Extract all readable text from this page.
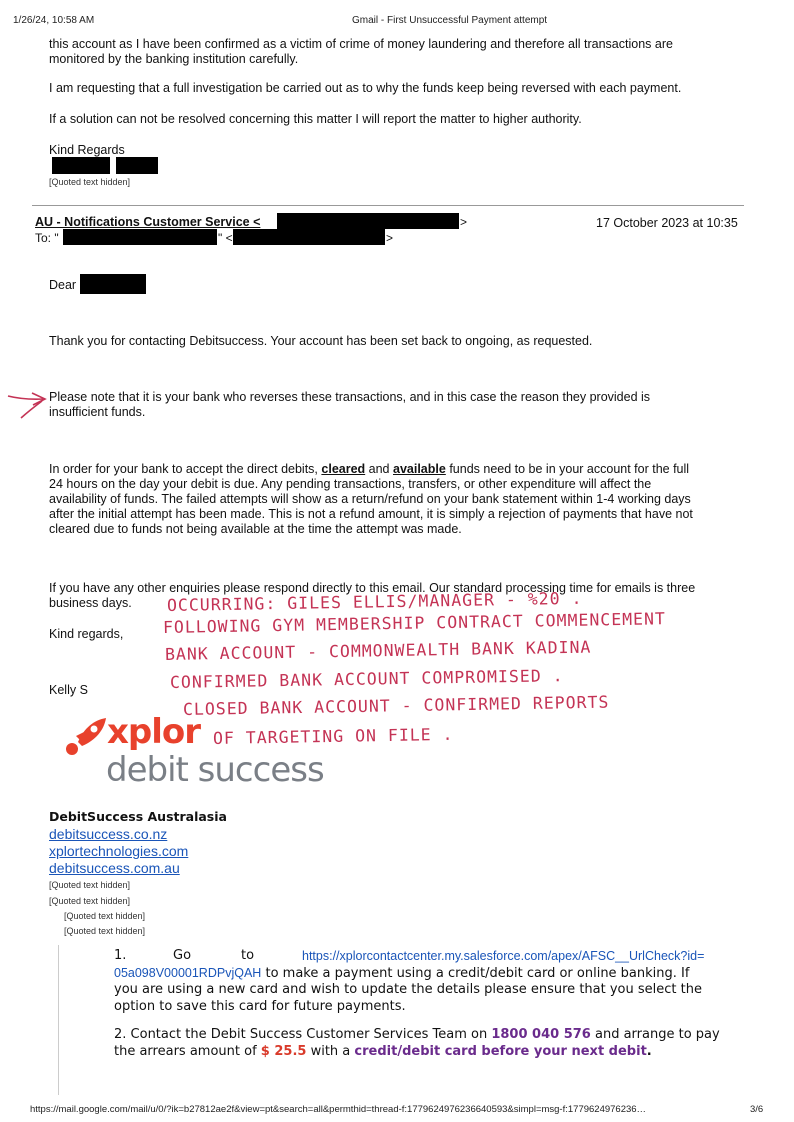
1/26/24, 10:58 AM	Gmail - First Unsuccessful Payment attempt
this account as I have been confirmed as a victim of crime of money laundering and therefore all transactions are
monitored by the banking institution carefully.
I am requesting that a full investigation be carried out as to why the funds keep being reversed with each payment.
If a solution can not be resolved concerning this matter I will report the matter to higher authority.
Kind Regards
[Quoted text hidden]
AU - Notifications Customer Service <	>	17 October 2023 at 10:35
To: "	" <	>
Dear
Thank you for contacting Debitsuccess. Your account has been set back to ongoing, as requested.
Please note that it is your bank who reverses these transactions, and in this case the reason they provided is
insufficient funds.
In order for your bank to accept the direct debits, cleared and available funds need to be in your account for the full
24 hours on the day your debit is due. Any pending transactions, transfers, or other expenditure will affect the
availability of funds. The failed attempts will show as a return/refund on your bank statement within 1-4 working days
after the initial attempt has been made. This is not a refund amount, it is simply a rejection of payments that have not
cleared due to funds not being available at the time the attempt was made.
If you have any other enquiries please respond directly to this email. Our standard processing time for emails is three
business days.
Kind regards,
Kelly S
OCCURRING: GILES ELLIS/MANAGER - %20 .
FOLLOWING GYM MEMBERSHIP CONTRACT COMMENCEMENT
BANK ACCOUNT - COMMONWEALTH BANK KADINA
CONFIRMED BANK ACCOUNT COMPROMISED .
CLOSED BANK ACCOUNT - CONFIRMED REPORTS
OF TARGETING ON FILE .
xplor
debit success
DebitSuccess Australasia
debitsuccess.co.nz
xplortechnologies.com
debitsuccess.com.au
[Quoted text hidden]
[Quoted text hidden]
[Quoted text hidden]
[Quoted text hidden]
1.	Go	to	https://xplorcontactcenter.my.salesforce.com/apex/AFSC__UrlCheck?id=
05a098V00001RDPvjQAH to make a payment using a credit/debit card or online banking. If
you are using a new card and wish to update the details please ensure that you select the
option to save this card for future payments.
2. Contact the Debit Success Customer Services Team on 1800 040 576 and arrange to pay
the arrears amount of $ 25.5 with a credit/debit card before your next debit.
https://mail.google.com/mail/u/0/?ik=b27812ae2f&view=pt&search=all&permthid=thread-f:1779624976236640593&simpl=msg-f:1779624976236…	3/6
